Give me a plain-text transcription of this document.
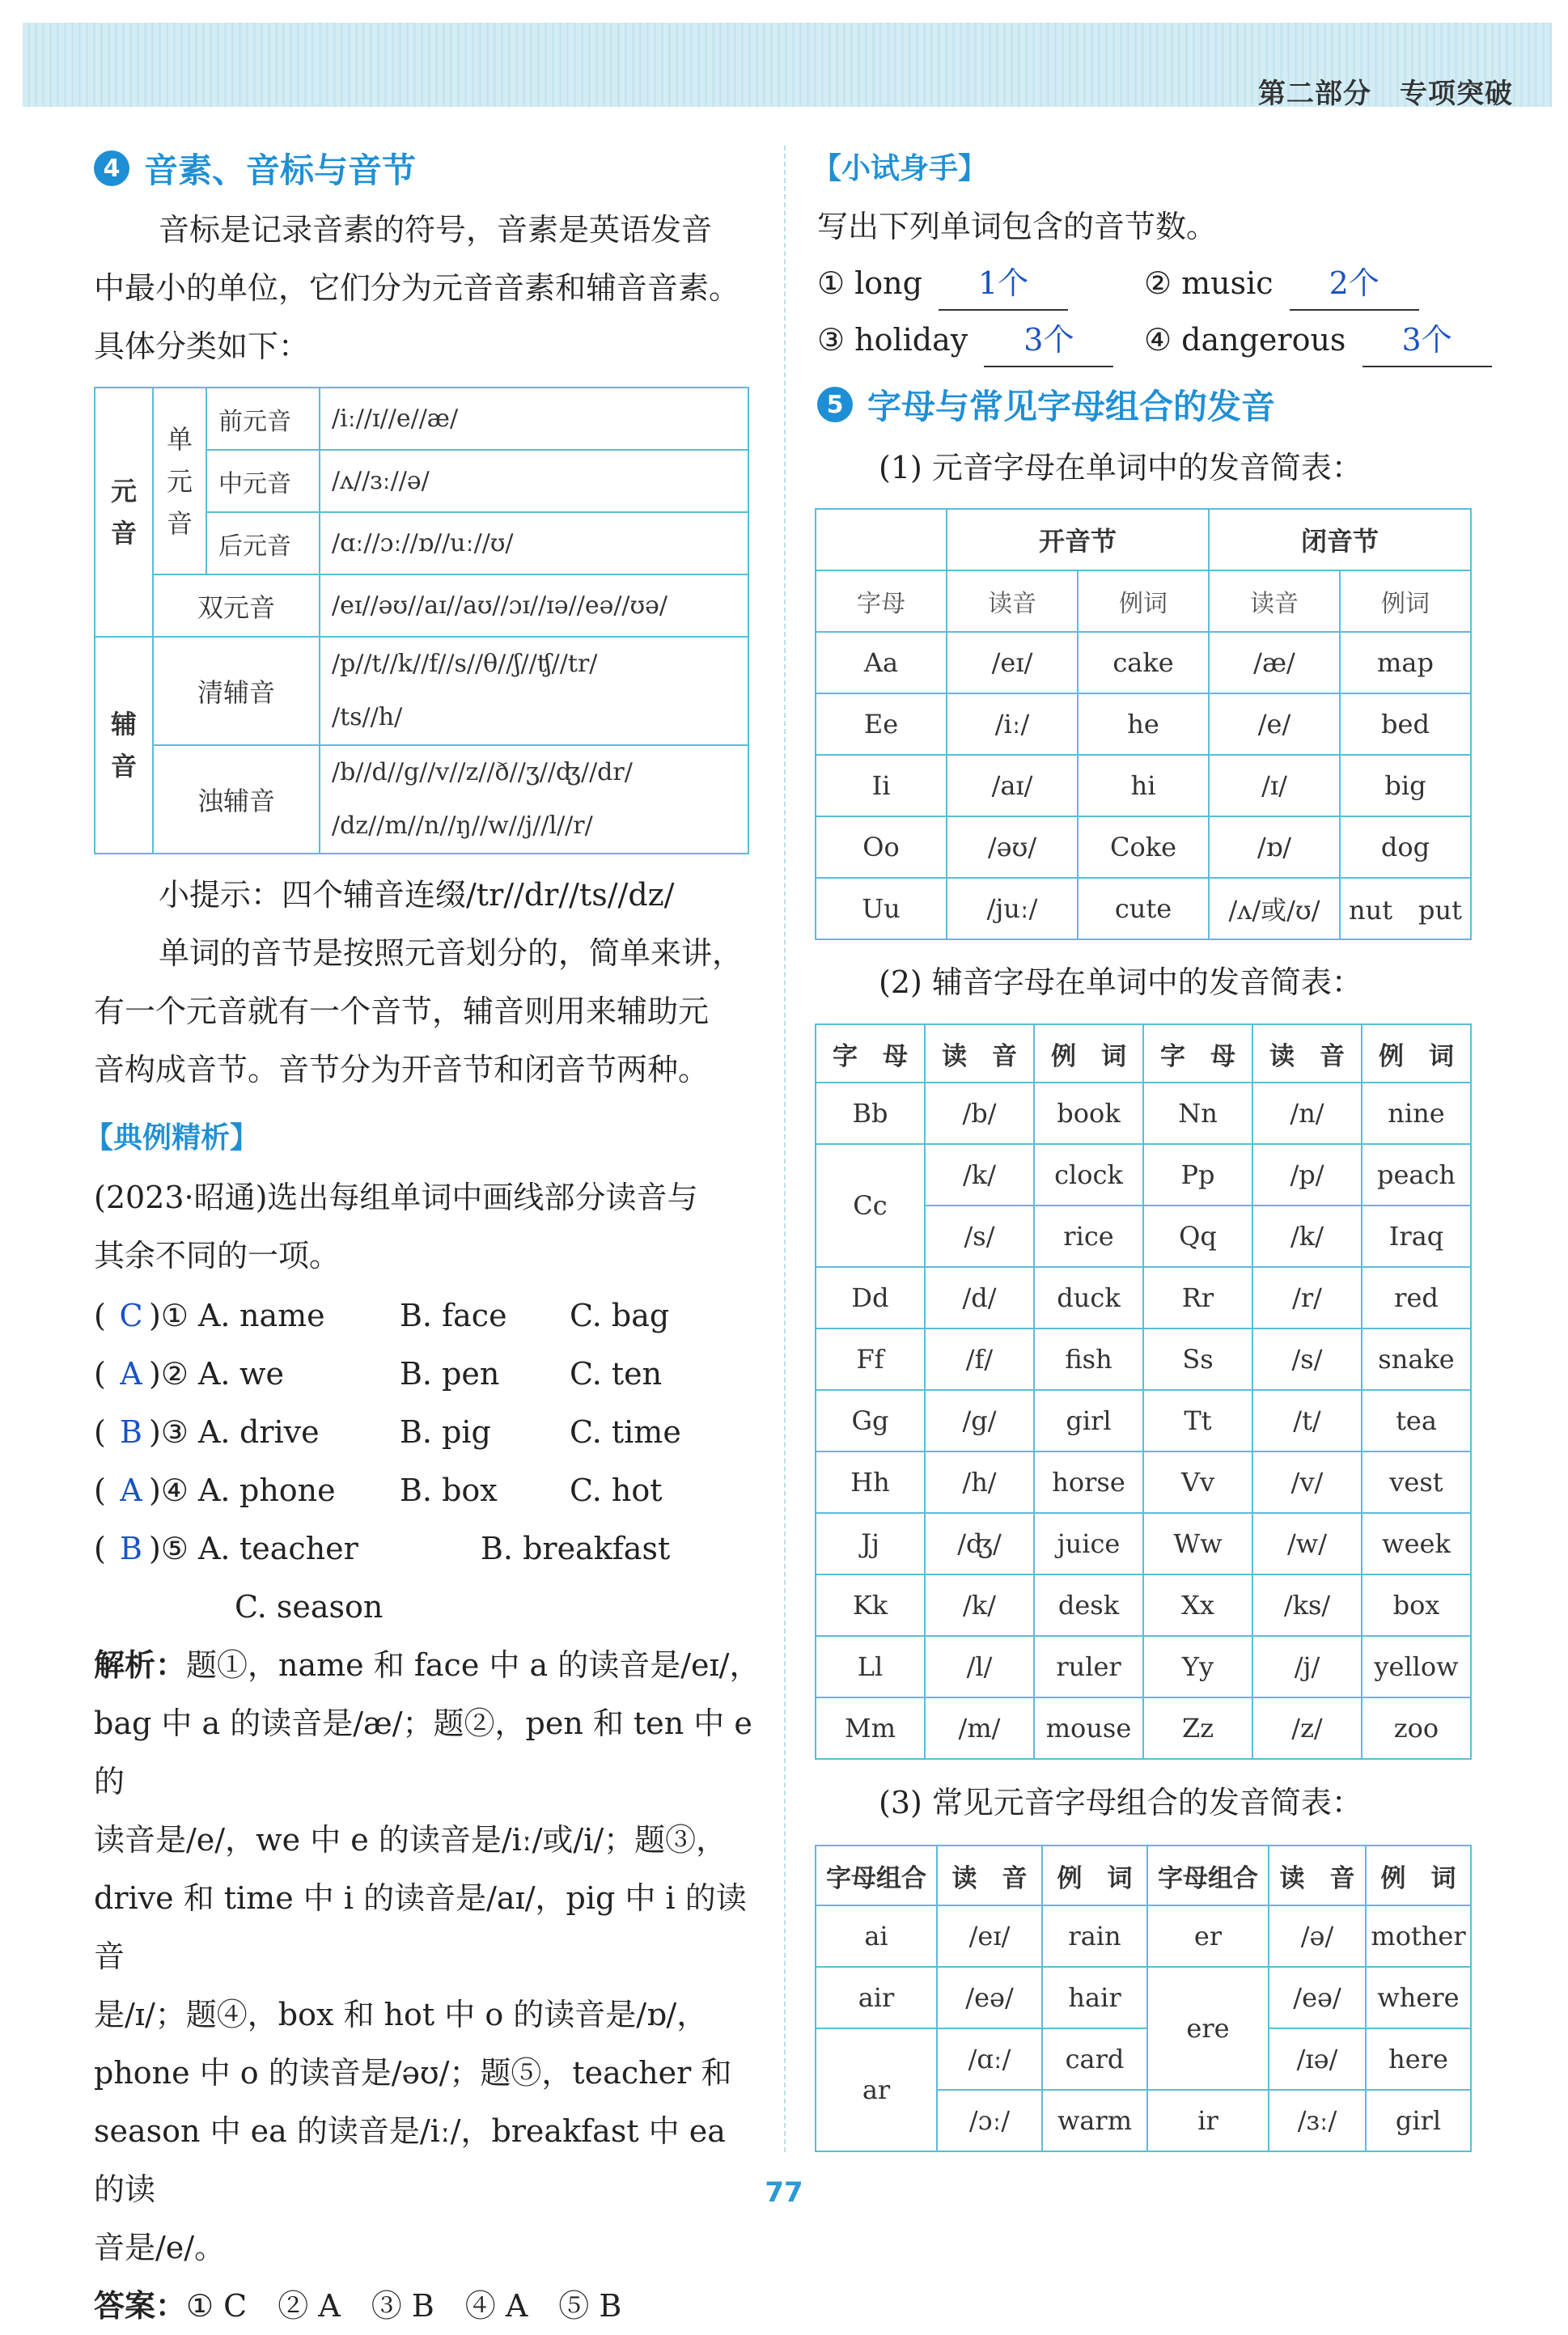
第二部分　专项突破
4 音素、音标与音节
音标是记录音素的符号，音素是英语发音
中最小的单位，它们分为元音音素和辅音音素。
具体分类如下：
元音	单元音	前元音	/iː//ɪ//e//æ/
		中元音	/ʌ//ɜː//ə/
		后元音	/ɑː//ɔː//ɒ//uː//ʊ/
	双元音		/eɪ//əʊ//aɪ//aʊ//ɔɪ//ɪə//eə//ʊə/
辅音	清辅音		/p//t//k//f//s//θ//ʃ//ʧ//tr/
/ts//h/

	浊辅音		/b//d//g//v//z//ð//ʒ//ʤ//dr/
/dz//m//n//ŋ//w//j//l//r/
小提示：四个辅音连缀/tr//dr//ts//dz/
单词的音节是按照元音划分的，简单来讲，
有一个元音就有一个音节，辅音则用来辅助元
音构成音节。音节分为开音节和闭音节两种。
【典例精析】
(2023·昭通)选出每组单词中画线部分读音与
其余不同的一项。
( C )① A. name B. face C. bag
( A )② A. we	B. pen C. ten
( B )③ A. drive	B. pig	C. time
( A )④ A. phone B. box C. hot
( B )⑤ A. teacher	B. breakfast
C. season
解析：题①，name 和 face 中 a 的读音是/eɪ/，
bag 中 a 的读音是/æ/；题②，pen 和 ten 中 e 的
读音是/e/，we 中 e 的读音是/iː/或/i/；题③，
drive 和 time 中 i 的读音是/aɪ/，pig 中 i 的读音
是/ɪ/；题④，box 和 hot 中 o 的读音是/ɒ/，
phone 中 o 的读音是/əʊ/；题⑤，teacher 和
season 中 ea 的读音是/iː/，breakfast 中 ea 的读
音是/e/。
答案：① C　② A　③ B　④ A　⑤ B
【小试身手】
写出下列单词包含的音节数。
① long 1个	② music 2个
③ holiday 3个	④ dangerous 3个
5 字母与常见字母组合的发音
(1) 元音字母在单词中的发音简表：
	开音节		闭音节	
字母	读音	例词	读音	例词
Aa	/eɪ/	cake	/æ/	map
Ee	/iː/	he	/e/	bed
Ii	/aɪ/	hi	/ɪ/	big
Oo	/əʊ/	Coke	/ɒ/	dog
Uu	/juː/	cute	/ʌ/或/ʊ/	nut　put
(2) 辅音字母在单词中的发音简表：
字　母	读　音	例　词	字　母	读　音	例　词
Bb	/b/	book	Nn	/n/	nine
Cc	/k/	clock	Pp	/p/	peach
	/s/	rice	Qq	/k/	Iraq
Dd	/d/	duck	Rr	/r/	red
Ff	/f/	fish	Ss	/s/	snake
Gg	/g/	girl	Tt	/t/	tea
Hh	/h/	horse	Vv	/v/	vest
Jj	/ʤ/	juice	Ww	/w/	week
Kk	/k/	desk	Xx	/ks/	box
Ll	/l/	ruler	Yy	/j/	yellow
Mm	/m/	mouse	Zz	/z/	zoo
(3) 常见元音字母组合的发音简表：
字母组合	读　音	例　词	字母组合	读　音	例　词
ai	/eɪ/	rain	er	/ə/	mother
air	/eə/	hair	ere	/eə/	where
ar	/ɑː/	card		/ɪə/	here
	/ɔː/	warm	ir	/ɜː/	girl
77
